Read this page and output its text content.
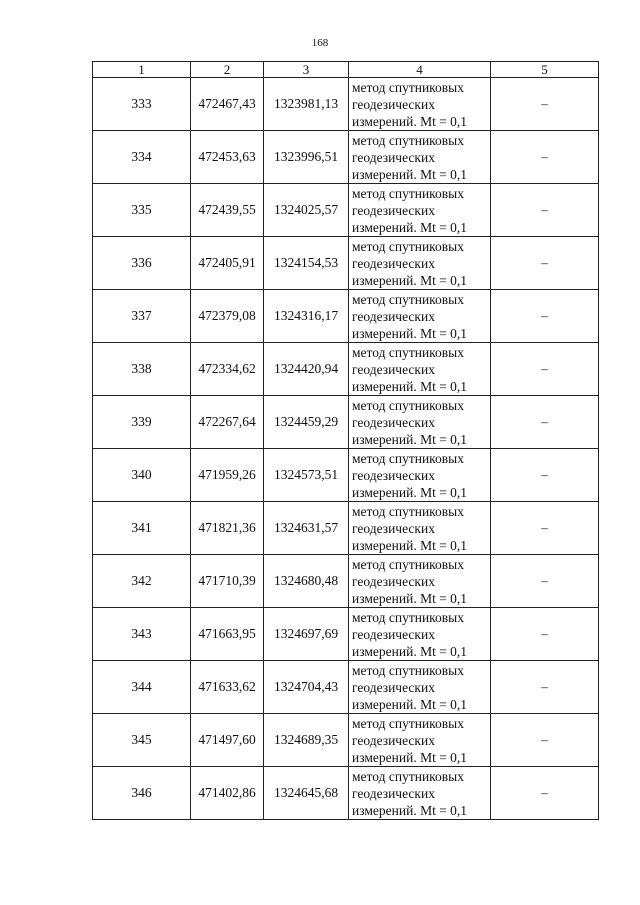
168
1	2	3	4	5
333	472467,43	1323981,13	метод спутниковых
геодезических
измерений. Mt = 0,1	–
334	472453,63	1323996,51	метод спутниковых
геодезических
измерений. Mt = 0,1	–
335	472439,55	1324025,57	метод спутниковых
геодезических
измерений. Mt = 0,1	–
336	472405,91	1324154,53	метод спутниковых
геодезических
измерений. Mt = 0,1	–
337	472379,08	1324316,17	метод спутниковых
геодезических
измерений. Mt = 0,1	–
338	472334,62	1324420,94	метод спутниковых
геодезических
измерений. Mt = 0,1	–
339	472267,64	1324459,29	метод спутниковых
геодезических
измерений. Mt = 0,1	–
340	471959,26	1324573,51	метод спутниковых
геодезических
измерений. Mt = 0,1	–
341	471821,36	1324631,57	метод спутниковых
геодезических
измерений. Mt = 0,1	–
342	471710,39	1324680,48	метод спутниковых
геодезических
измерений. Mt = 0,1	–
343	471663,95	1324697,69	метод спутниковых
геодезических
измерений. Mt = 0,1	–
344	471633,62	1324704,43	метод спутниковых
геодезических
измерений. Mt = 0,1	–
345	471497,60	1324689,35	метод спутниковых
геодезических
измерений. Mt = 0,1	–
346	471402,86	1324645,68	метод спутниковых
геодезических
измерений. Mt = 0,1	–
